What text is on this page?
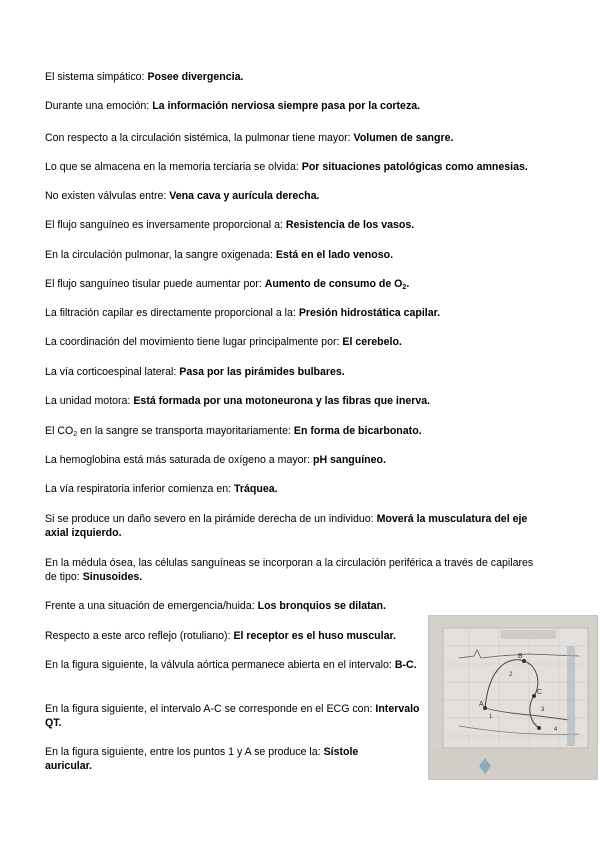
El sistema simpático: Posee divergencia.

Durante una emoción: La información nerviosa siempre pasa por la corteza.

Con respecto a la circulación sistémica, la pulmonar tiene mayor: Volumen de sangre.

Lo que se almacena en la memoria terciaria se olvida: Por situaciones patológicas como amnesias.

No existen válvulas entre: Vena cava y aurícula derecha.

El flujo sanguíneo es inversamente proporcional a: Resistencia de los vasos.

En la circulación pulmonar, la sangre oxigenada: Está en el lado venoso.

El flujo sanguíneo tisular puede aumentar por: Aumento de consumo de $O_2$.

La filtración capilar es directamente proporcional a la: Presión hidrostática capilar.

La coordinación del movimiento tiene lugar principalmente por: El cerebelo.

La vía corticoespinal lateral: Pasa por las pirámides bulbares.

La unidad motora: Está formada por una motoneurona y las fibras que inerva.

El $CO_2$ en la sangre se transporta mayoritariamente: En forma de bicarbonato.

La hemoglobina está más saturada de oxígeno a mayor: pH sanguíneo.

La vía respiratoria inferior comienza en: Tráquea.

Si se produce un daño severo en la pirámide derecha de un individuo: Moverá la musculatura del eje axial izquierdo.

En la médula ósea, las células sanguíneas se incorporan a la circulación periférica a través de capilares de tipo: Sinusoides.

Frente a una situación de emergencia/huida: Los bronquios se dilatan.

Respecto a este arco reflejo (rotuliano): El receptor es el huso muscular.

En la figura siguiente, la válvula aórtica permanece abierta en el intervalo: B-C.

En la figura siguiente, el intervalo A-C se corresponde en el ECG con: Intervalo QT.

En la figura siguiente, entre los puntos 1 y A se produce la: Sístole auricular.

A
B
C
1
2
3
4
